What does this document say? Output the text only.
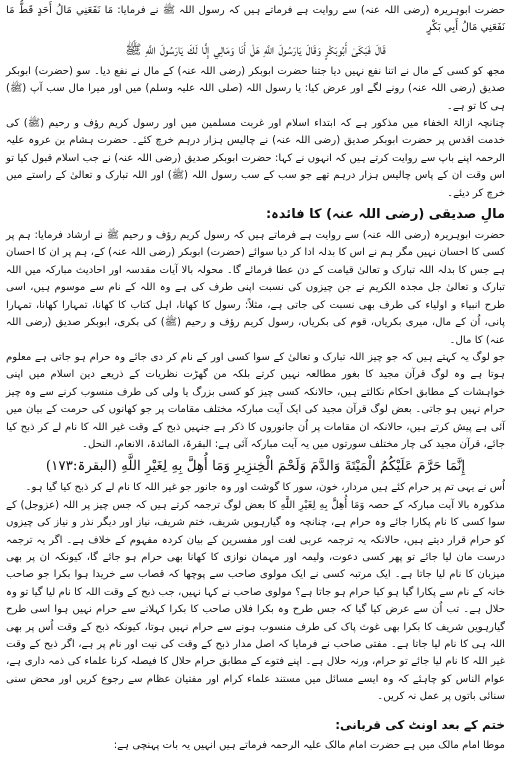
حضرت ابوہریرہ (رضی اللہ عنہ) سے روایت ہے فرماتے ہیں کہ رسول اللہ ﷺ نے فرمایا: مَا نَفَعَنِي مَالُ أَحَدٍ قَطُّ مَا نَفَعَنِي مَالُ أَبِي بَكْرٍ

قَالَ فَبَكَىٰ أَبُوبَكْرٍ وَقَالَ يَارَسُولَ اللَّهِ هَلْ أَنَا وَمَالِي إِلَّا لَكَ يَارَسُولَ اللَّهِ ﷺ

مجھ کو کسی کے مال نے اتنا نفع نہیں دیا جتنا حضرت ابوبکر (رضی اللہ عنہ) کے مال نے نفع دیا۔ سو (حضرت) ابوبکر صدیق (رضی اللہ عنہ) رونے لگے اور عرض کیا: یا رسول اللہ (صلی اللہ علیہ وسلم) میں اور میرا مال سب آپ (ﷺ) ہی کا تو ہے۔

چنانچہ ازالۃ الخفاء میں مذکور ہے کہ ابتداء اسلام اور غربت مسلمین میں اور رسول کریم رؤف و رحیم (ﷺ) کی خدمت اقدس پر حضرت ابوبکر صدیق (رضی اللہ عنہ) نے چالیس ہزار درہم خرچ کئے۔ حضرت ہشام بن عروہ علیہ الرحمہ اپنے باپ سے روایت کرتے ہیں کہ انہوں نے کہا: حضرت ابوبکر صدیق (رضی اللہ عنہ) نے جب اسلام قبول کیا تو اس وقت ان کے پاس چالیس ہزار درہم تھے جو سب کے سب رسول اللہ (ﷺ) اور اللہ تبارک و تعالیٰ کے راستے میں خرچ کر دیئے۔

مالِ صدیقی (رضی اللہ عنہ) کا فائدہ:

حضرت ابوہریرہ (رضی اللہ عنہ) سے روایت ہے فرماتے ہیں کہ رسول کریم رؤف و رحیم ﷺ نے ارشاد فرمایا: ہم پر کسی کا احسان نہیں مگر ہم نے اس کا بدلہ ادا کر دیا سوائے (حضرت) ابوبکر (رضی اللہ عنہ) کے، ہم پر ان کا احسان ہے جس کا بدلہ اللہ تبارک و تعالیٰ قیامت کے دن عطا فرمائے گا۔ محولہ بالا آیات مقدسہ اور احادیث مبارکہ میں اللہ تبارک و تعالیٰ جل مجدہ الکریم نے جن چیزوں کی نسبت اپنی طرف کی ہے وہ اللہ کے نام سے موسوم ہیں، اسی طرح انبیاء و اولیاء کی طرف بھی نسبت کی جاتی ہے، مثلاً: رسول کا کھانا، اہل کتاب کا کھانا، تمہارا کھانا، تمہارا پانی، اُن کے مال، میری بکریاں، قوم کی بکریاں، رسول کریم رؤف و رحیم (ﷺ) کی بکری، ابوبکر صدیق (رضی اللہ عنہ) کا مال۔

جو لوگ یہ کہتے ہیں کہ جو چیز اللہ تبارک و تعالیٰ کے سوا کسی اور کے نام کر دی جائے وہ حرام ہو جاتی ہے معلوم ہوتا ہے وہ لوگ قرآن مجید کا بغور مطالعہ نہیں کرتے بلکہ من گھڑت نظریات کے ذریعے دین اسلام میں اپنی خواہشات کے مطابق احکام نکالتے ہیں، حالانکہ کسی چیز کو کسی بزرگ یا ولی کی طرف منسوب کرنے سے وہ چیز حرام نہیں ہو جاتی۔ بعض لوگ قرآن مجید کی ایک آیت مبارکہ مختلف مقامات پر جو کھانوں کی حرمت کے بیان میں آئی ہے پیش کرتے ہیں، حالانکہ ان مقامات پر اُن جانوروں کا ذکر ہے جنہیں ذبح کے وقت غیر اللہ کا نام لے کر ذبح کیا جائے، قرآن مجید کی چار مختلف سورتوں میں یہ آیت مبارکہ آئی ہے: البقرۃ، المائدۃ، الانعام، النحل۔

إِنَّمَا حَرَّمَ عَلَيْكُمُ الْمَيْتَةَ وَالدَّمَ وَلَحْمَ الْخِنزِيرِ وَمَا أُهِلَّ بِهِ لِغَيْرِ اللَّهِ (البقرۃ:۱۷۳)

اُس نے یہی تم پر حرام کئے ہیں مردار، خون، سور کا گوشت اور وہ جانور جو غیر اللہ کا نام لے کر ذبح کیا گیا ہو۔

مذکورہ بالا آیت مبارکہ کے حصہ وَمَا أُهِلَّ بِهِ لِغَيْرِ اللَّهِ کا بعض لوگ ترجمہ کرتے ہیں کہ جس چیز پر اللہ (عزوجل) کے سوا کسی کا نام پکارا جائے وہ حرام ہے، چنانچہ وہ گیارہویں شریف، ختم شریف، نیاز اور دیگر نذر و نیاز کی چیزوں کو حرام قرار دیتے ہیں، حالانکہ یہ ترجمہ عربی لغت اور مفسرین کے بیان کردہ مفہوم کے خلاف ہے۔ اگر یہ ترجمہ درست مان لیا جائے تو پھر کسی دعوت، ولیمہ اور مہمان نوازی کا کھانا بھی حرام ہو جائے گا، کیونکہ ان پر بھی میزبان کا نام لیا جاتا ہے۔ ایک مرتبہ کسی نے ایک مولوی صاحب سے پوچھا کہ قصاب سے خریدا ہوا بکرا جو صاحب خانہ کے نام سے پکارا گیا ہو کیا حرام ہو جاتا ہے؟ مولوی صاحب نے کہا نہیں، جب ذبح کے وقت اللہ کا نام لیا گیا تو وہ حلال ہے۔ تب اُن سے عرض کیا گیا کہ جس طرح وہ بکرا فلاں صاحب کا بکرا کہلانے سے حرام نہیں ہوا اسی طرح گیارہویں شریف کا بکرا بھی غوث پاک کی طرف منسوب ہونے سے حرام نہیں ہوتا، کیونکہ ذبح کے وقت اُس پر بھی اللہ ہی کا نام لیا جاتا ہے۔ مفتی صاحب نے فرمایا کہ اصل مدار ذبح کے وقت کی نیت اور نام پر ہے، اگر ذبح کے وقت غیر اللہ کا نام لیا جائے تو حرام، ورنہ حلال ہے۔ اپنے فتوے کے مطابق حرام حلال کا فیصلہ کرنا علماء کی ذمہ داری ہے، عوام الناس کو چاہئے کہ وہ ایسے مسائل میں مستند علماء کرام اور مفتیان عظام سے رجوع کریں اور محض سنی سنائی باتوں پر عمل نہ کریں۔

ختم کے بعد اونٹ کی قربانی:

موطا امام مالک میں ہے حضرت امام مالک علیہ الرحمہ فرماتے ہیں انہیں یہ بات پہنچی ہے:
